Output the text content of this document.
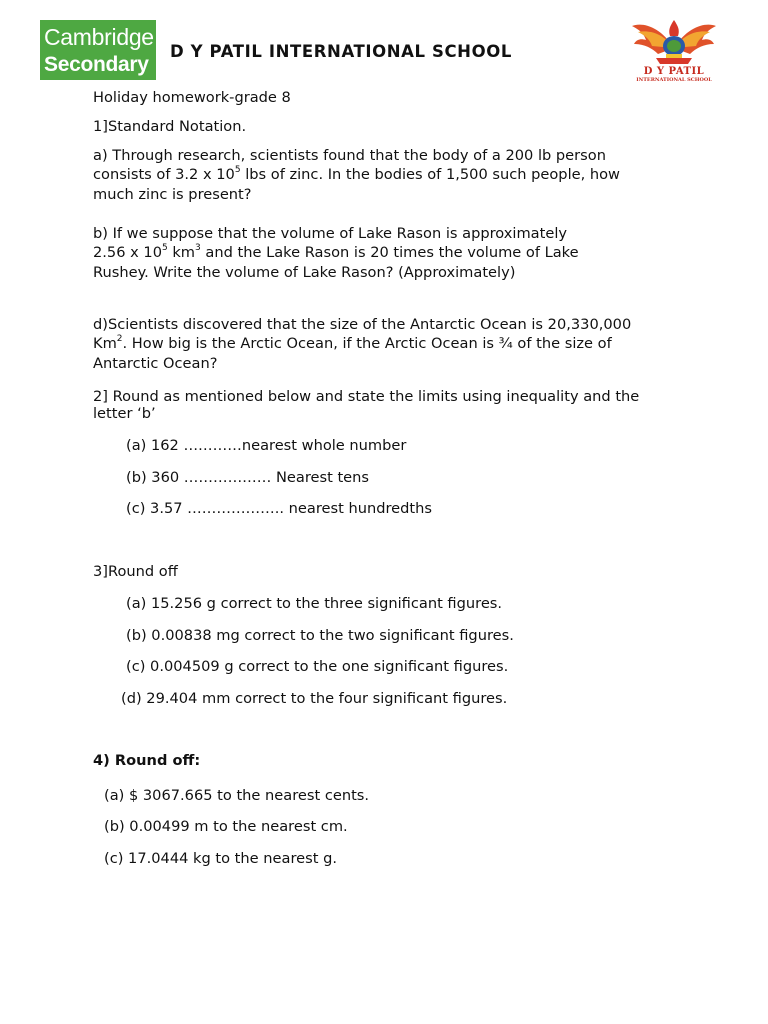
Cambridge
Secondary 1
D Y PATIL INTERNATIONAL SCHOOL
D Y PATIL
INTERNATIONAL SCHOOL
Holiday homework-grade 8
1]Standard Notation.
a) Through research, scientists found that the body of a 200 lb person
consists of 3.2 x $10^5$ lbs of zinc. In the bodies of 1,500 such people, how
much zinc is present?
b) If we suppose that the volume of Lake Rason is approximately
2.56 x $10^5$ $km^3$ and the Lake Rason is 20 times the volume of Lake
Rushey. Write the volume of Lake Rason? (Approximately)
d)Scientists discovered that the size of the Antarctic Ocean is 20,330,000
Km$^2$. How big is the Arctic Ocean, if the Arctic Ocean is ¾ of the size of
Antarctic Ocean?
2] Round as mentioned below and state the limits using inequality and the
letter ‘b’
(a) 162 …………nearest whole number
(b) 360 ……………… Nearest tens
(c) 3.57 ……………….. nearest hundredths
3]Round off
(a) 15.256 g correct to the three significant figures.
(b) 0.00838 mg correct to the two significant figures.
(c) 0.004509 g correct to the one significant figures.
(d) 29.404 mm correct to the four significant figures.
4) Round off:
(a) $ 3067.665 to the nearest cents.
(b) 0.00499 m to the nearest cm.
(c) 17.0444 kg to the nearest g.
